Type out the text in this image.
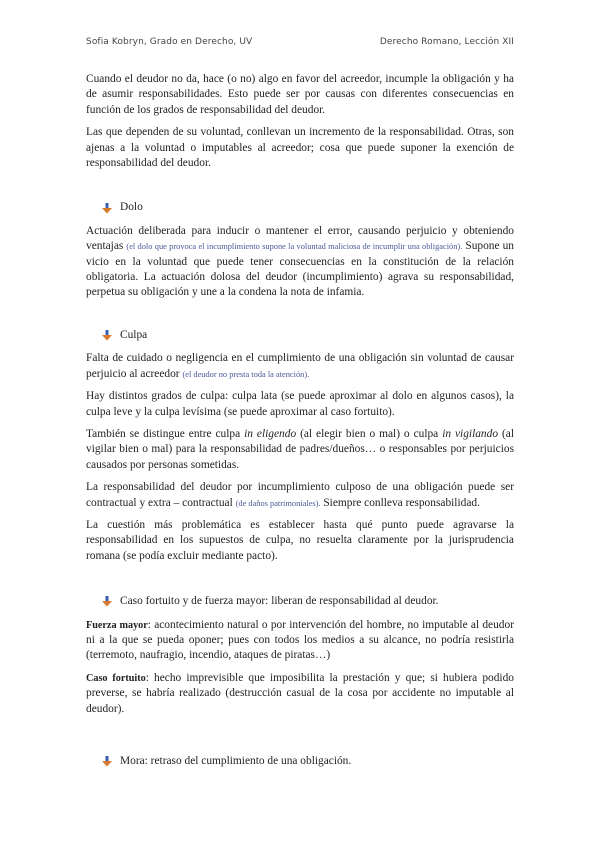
Sofia Kobryn, Grado en Derecho, UV	Derecho Romano, Lección XII

Cuando el deudor no da, hace (o no) algo en favor del acreedor, incumple la obligación y ha de asumir responsabilidades. Esto puede ser por causas con diferentes consecuencias en función de los grados de responsabilidad del deudor.

Las que dependen de su voluntad, conllevan un incremento de la responsabilidad. Otras, son ajenas a la voluntad o imputables al acreedor; cosa que puede suponer la exención de responsabilidad del deudor.

Dolo

Actuación deliberada para inducir o mantener el error, causando perjuicio y obteniendo ventajas (el dolo que provoca el incumplimiento supone la voluntad maliciosa de incumplir una obligación). Supone un vicio en la voluntad que puede tener consecuencias en la constitución de la relación obligatoria. La actuación dolosa del deudor (incumplimiento) agrava su responsabilidad, perpetua su obligación y une a la condena la nota de infamia.

Culpa

Falta de cuidado o negligencia en el cumplimiento de una obligación sin voluntad de causar perjuicio al acreedor (el deudor no presta toda la atención).

Hay distintos grados de culpa: culpa lata (se puede aproximar al dolo en algunos casos), la culpa leve y la culpa levísima (se puede aproximar al caso fortuito).

También se distingue entre culpa in eligendo (al elegir bien o mal) o culpa in vigilando (al vigilar bien o mal) para la responsabilidad de padres/dueños… o responsables por perjuicios causados por personas sometidas.

La responsabilidad del deudor por incumplimiento culposo de una obligación puede ser contractual y extra – contractual (de daños patrimoniales). Siempre conlleva responsabilidad.

La cuestión más problemática es establecer hasta qué punto puede agravarse la responsabilidad en los supuestos de culpa, no resuelta claramente por la jurisprudencia romana (se podía excluir mediante pacto).

Caso fortuito y de fuerza mayor: liberan de responsabilidad al deudor.

Fuerza mayor: acontecimiento natural o por intervención del hombre, no imputable al deudor ni a la que se pueda oponer; pues con todos los medios a su alcance, no podría resistirla (terremoto, naufragio, incendio, ataques de piratas…)

Caso fortuito: hecho imprevisible que imposibilita la prestación y que; si hubiera podido preverse, se habría realizado (destrucción casual de la cosa por accidente no imputable al deudor).

Mora: retraso del cumplimiento de una obligación.
